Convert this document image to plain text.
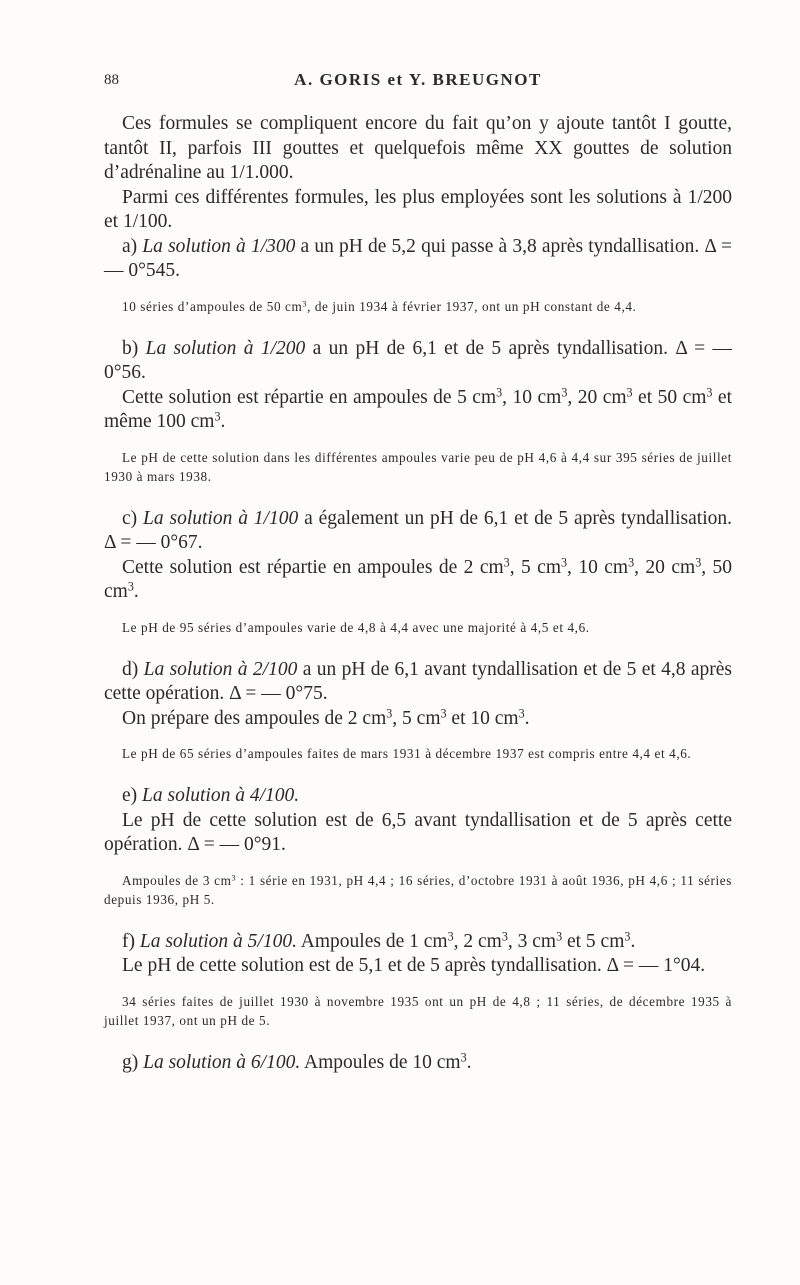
88	A. GORIS et Y. BREUGNOT

Ces formules se compliquent encore du fait qu’on y ajoute tantôt I goutte, tantôt II, parfois III gouttes et quelquefois même XX gouttes de solution d’adrénaline au 1/1.000.

Parmi ces différentes formules, les plus employées sont les solutions à 1/200 et 1/100.

a) La solution à 1/300 a un pH de 5,2 qui passe à 3,8 après tyndallisation. Δ = — 0°545.

10 séries d’ampoules de 50 $cm^3$, de juin 1934 à février 1937, ont un pH constant de 4,4.

b) La solution à 1/200 a un pH de 6,1 et de 5 après tyndallisation. Δ = — 0°56.

Cette solution est répartie en ampoules de 5 $cm^3$, 10 $cm^3$, 20 $cm^3$ et 50 $cm^3$ et même 100 $cm^3$.

Le pH de cette solution dans les différentes ampoules varie peu de pH 4,6 à 4,4 sur 395 séries de juillet 1930 à mars 1938.

c) La solution à 1/100 a également un pH de 6,1 et de 5 après tyndallisation. Δ = — 0°67.

Cette solution est répartie en ampoules de 2 $cm^3$, 5 $cm^3$, 10 $cm^3$, 20 $cm^3$, 50 $cm^3$.

Le pH de 95 séries d’ampoules varie de 4,8 à 4,4 avec une majorité à 4,5 et 4,6.

d) La solution à 2/100 a un pH de 6,1 avant tyndallisation et de 5 et 4,8 après cette opération. Δ = — 0°75.

On prépare des ampoules de 2 $cm^3$, 5 $cm^3$ et 10 $cm^3$.

Le pH de 65 séries d’ampoules faites de mars 1931 à décembre 1937 est compris entre 4,4 et 4,6.

e) La solution à 4/100.

Le pH de cette solution est de 6,5 avant tyndallisation et de 5 après cette opération. Δ = — 0°91.

Ampoules de 3 $cm^3$ : 1 série en 1931, pH 4,4 ; 16 séries, d’octobre 1931 à août 1936, pH 4,6 ; 11 séries depuis 1936, pH 5.

f) La solution à 5/100. Ampoules de 1 $cm^3$, 2 $cm^3$, 3 $cm^3$ et 5 $cm^3$.

Le pH de cette solution est de 5,1 et de 5 après tyndallisation. Δ = — 1°04.

34 séries faites de juillet 1930 à novembre 1935 ont un pH de 4,8 ; 11 séries, de décembre 1935 à juillet 1937, ont un pH de 5.

g) La solution à 6/100. Ampoules de 10 $cm^3$.
